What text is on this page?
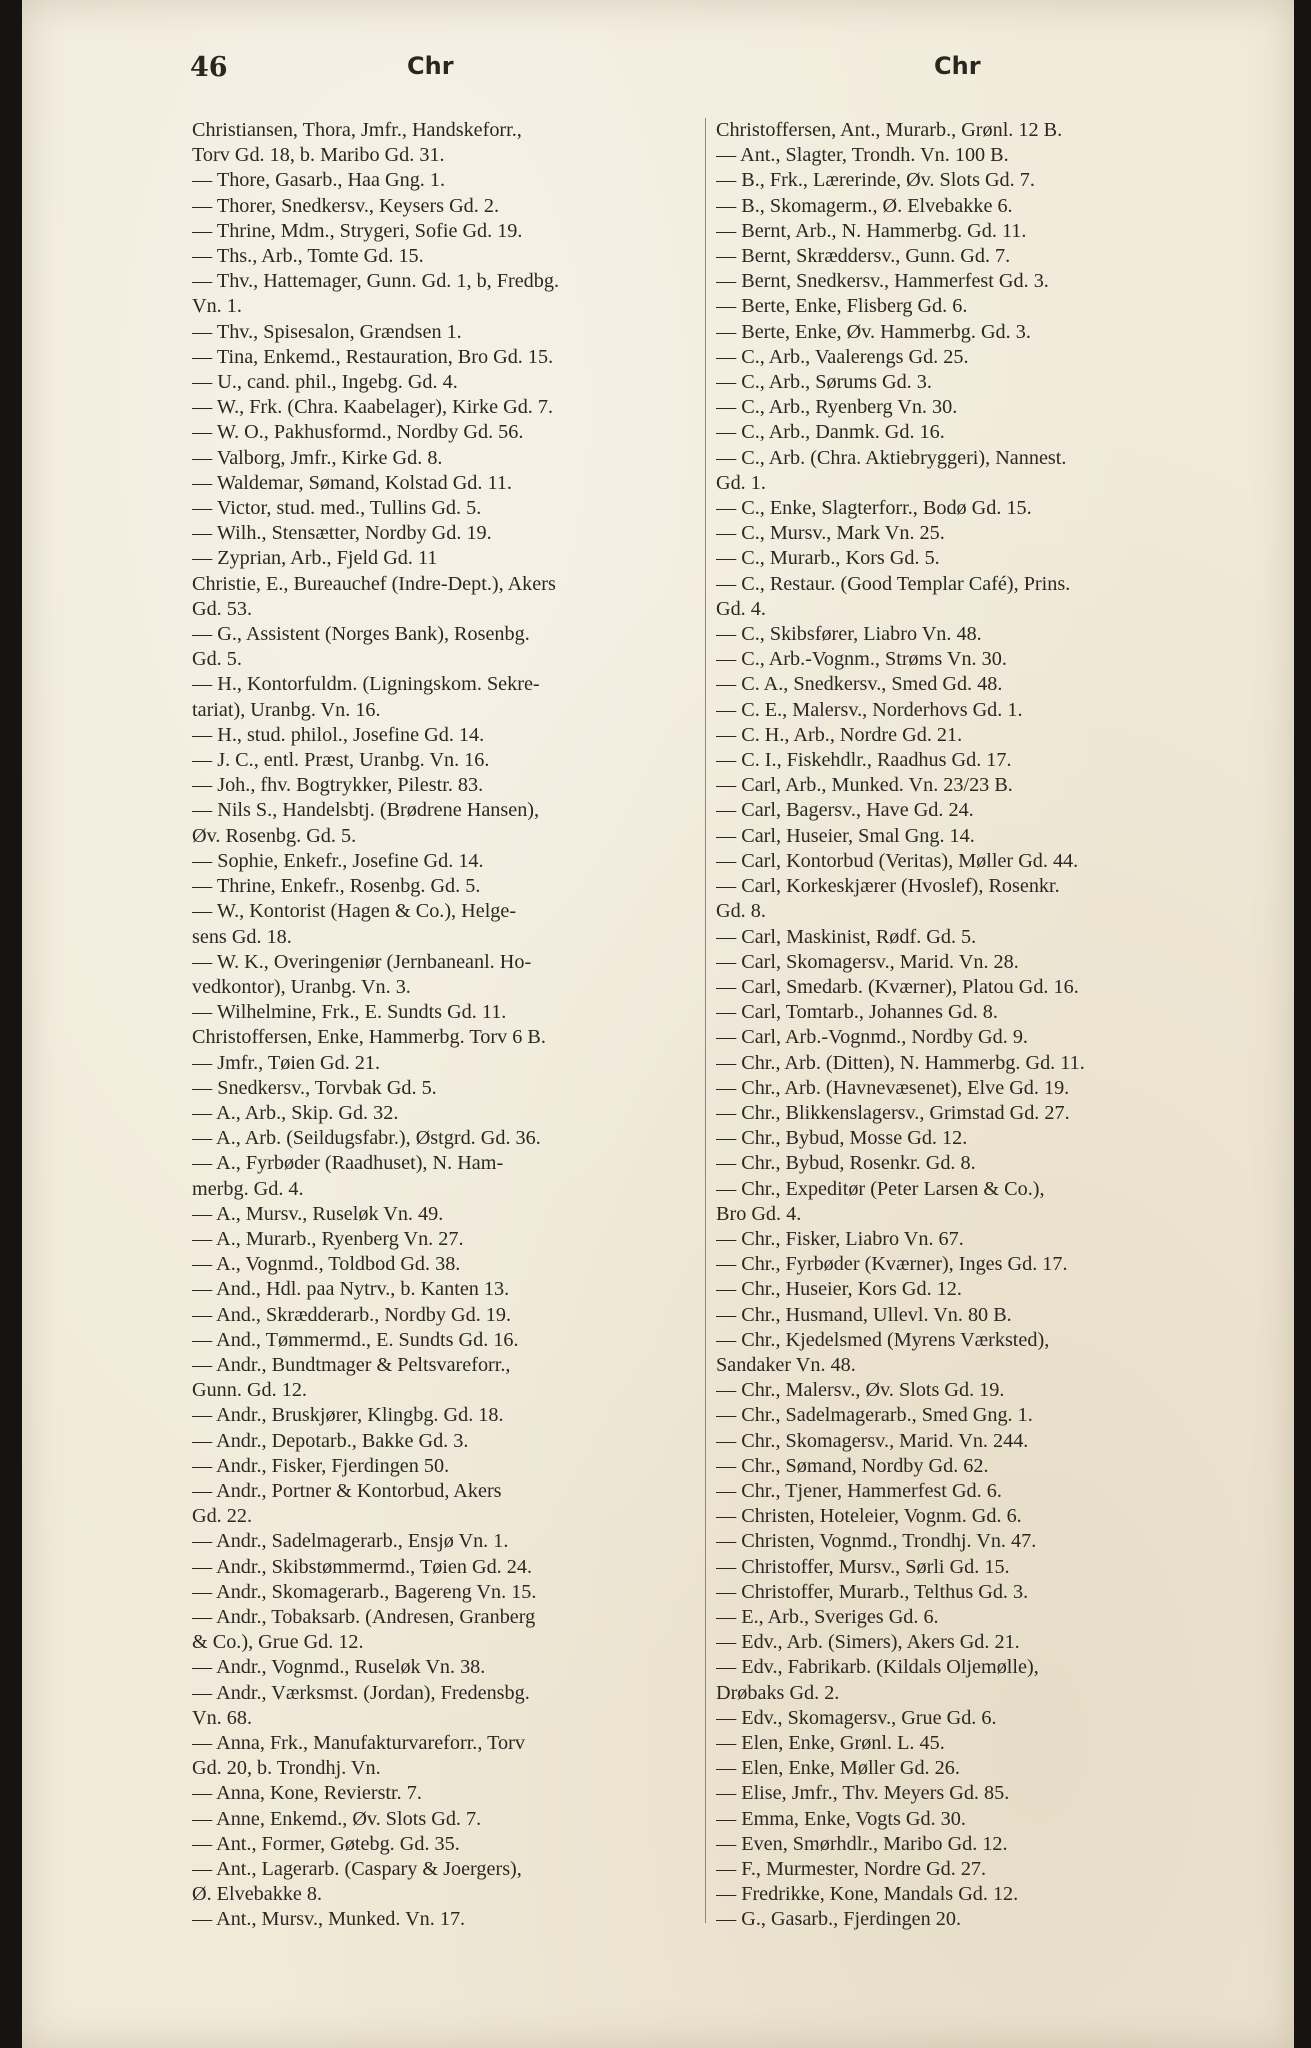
46	Chr	Chr
Christiansen, Thora, Jmfr., Handskeforr.,
Torv Gd. 18, b. Maribo Gd. 31.
— Thore, Gasarb., Haa Gng. 1.
— Thorer, Snedkersv., Keysers Gd. 2.
— Thrine, Mdm., Strygeri, Sofie Gd. 19.
— Ths., Arb., Tomte Gd. 15.
— Thv., Hattemager, Gunn. Gd. 1, b, Fredbg.
Vn. 1.
— Thv., Spisesalon, Grændsen 1.
— Tina, Enkemd., Restauration, Bro Gd. 15.
— U., cand. phil., Ingebg. Gd. 4.
— W., Frk. (Chra. Kaabelager), Kirke Gd. 7.
— W. O., Pakhusformd., Nordby Gd. 56.
— Valborg, Jmfr., Kirke Gd. 8.
— Waldemar, Sømand, Kolstad Gd. 11.
— Victor, stud. med., Tullins Gd. 5.
— Wilh., Stensætter, Nordby Gd. 19.
— Zyprian, Arb., Fjeld Gd. 11
Christie, E., Bureauchef (Indre-Dept.), Akers
Gd. 53.
— G., Assistent (Norges Bank), Rosenbg.
Gd. 5.
— H., Kontorfuldm. (Ligningskom. Sekre-
tariat), Uranbg. Vn. 16.
— H., stud. philol., Josefine Gd. 14.
— J. C., entl. Præst, Uranbg. Vn. 16.
— Joh., fhv. Bogtrykker, Pilestr. 83.
— Nils S., Handelsbtj. (Brødrene Hansen),
Øv. Rosenbg. Gd. 5.
— Sophie, Enkefr., Josefine Gd. 14.
— Thrine, Enkefr., Rosenbg. Gd. 5.
— W., Kontorist (Hagen & Co.), Helge-
sens Gd. 18.
— W. K., Overingeniør (Jernbaneanl. Ho-
vedkontor), Uranbg. Vn. 3.
— Wilhelmine, Frk., E. Sundts Gd. 11.
Christoffersen, Enke, Hammerbg. Torv 6 B.
— Jmfr., Tøien Gd. 21.
— Snedkersv., Torvbak Gd. 5.
— A., Arb., Skip. Gd. 32.
— A., Arb. (Seildugsfabr.), Østgrd. Gd. 36.
— A., Fyrbøder (Raadhuset), N. Ham-
merbg. Gd. 4.
— A., Mursv., Ruseløk Vn. 49.
— A., Murarb., Ryenberg Vn. 27.
— A., Vognmd., Toldbod Gd. 38.
— And., Hdl. paa Nytrv., b. Kanten 13.
— And., Skrædderarb., Nordby Gd. 19.
— And., Tømmermd., E. Sundts Gd. 16.
— Andr., Bundtmager & Peltsvareforr.,
Gunn. Gd. 12.
— Andr., Bruskjører, Klingbg. Gd. 18.
— Andr., Depotarb., Bakke Gd. 3.
— Andr., Fisker, Fjerdingen 50.
— Andr., Portner & Kontorbud, Akers
Gd. 22.
— Andr., Sadelmagerarb., Ensjø Vn. 1.
— Andr., Skibstømmermd., Tøien Gd. 24.
— Andr., Skomagerarb., Bagereng Vn. 15.
— Andr., Tobaksarb. (Andresen, Granberg
& Co.), Grue Gd. 12.
— Andr., Vognmd., Ruseløk Vn. 38.
— Andr., Værksmst. (Jordan), Fredensbg.
Vn. 68.
— Anna, Frk., Manufakturvareforr., Torv
Gd. 20, b. Trondhj. Vn.
— Anna, Kone, Revierstr. 7.
— Anne, Enkemd., Øv. Slots Gd. 7.
— Ant., Former, Gøtebg. Gd. 35.
— Ant., Lagerarb. (Caspary & Joergers),
Ø. Elvebakke 8.
— Ant., Mursv., Munked. Vn. 17.
Christoffersen, Ant., Murarb., Grønl. 12 B.
— Ant., Slagter, Trondh. Vn. 100 B.
— B., Frk., Lærerinde, Øv. Slots Gd. 7.
— B., Skomagerm., Ø. Elvebakke 6.
— Bernt, Arb., N. Hammerbg. Gd. 11.
— Bernt, Skræddersv., Gunn. Gd. 7.
— Bernt, Snedkersv., Hammerfest Gd. 3.
— Berte, Enke, Flisberg Gd. 6.
— Berte, Enke, Øv. Hammerbg. Gd. 3.
— C., Arb., Vaalerengs Gd. 25.
— C., Arb., Sørums Gd. 3.
— C., Arb., Ryenberg Vn. 30.
— C., Arb., Danmk. Gd. 16.
— C., Arb. (Chra. Aktiebryggeri), Nannest.
Gd. 1.
— C., Enke, Slagterforr., Bodø Gd. 15.
— C., Mursv., Mark Vn. 25.
— C., Murarb., Kors Gd. 5.
— C., Restaur. (Good Templar Café), Prins.
Gd. 4.
— C., Skibsfører, Liabro Vn. 48.
— C., Arb.-Vognm., Strøms Vn. 30.
— C. A., Snedkersv., Smed Gd. 48.
— C. E., Malersv., Norderhovs Gd. 1.
— C. H., Arb., Nordre Gd. 21.
— C. I., Fiskehdlr., Raadhus Gd. 17.
— Carl, Arb., Munked. Vn. 23/23 B.
— Carl, Bagersv., Have Gd. 24.
— Carl, Huseier, Smal Gng. 14.
— Carl, Kontorbud (Veritas), Møller Gd. 44.
— Carl, Korkeskjærer (Hvoslef), Rosenkr.
Gd. 8.
— Carl, Maskinist, Rødf. Gd. 5.
— Carl, Skomagersv., Marid. Vn. 28.
— Carl, Smedarb. (Kværner), Platou Gd. 16.
— Carl, Tomtarb., Johannes Gd. 8.
— Carl, Arb.-Vognmd., Nordby Gd. 9.
— Chr., Arb. (Ditten), N. Hammerbg. Gd. 11.
— Chr., Arb. (Havnevæsenet), Elve Gd. 19.
— Chr., Blikkenslagersv., Grimstad Gd. 27.
— Chr., Bybud, Mosse Gd. 12.
— Chr., Bybud, Rosenkr. Gd. 8.
— Chr., Expeditør (Peter Larsen & Co.),
Bro Gd. 4.
— Chr., Fisker, Liabro Vn. 67.
— Chr., Fyrbøder (Kværner), Inges Gd. 17.
— Chr., Huseier, Kors Gd. 12.
— Chr., Husmand, Ullevl. Vn. 80 B.
— Chr., Kjedelsmed (Myrens Værksted),
Sandaker Vn. 48.
— Chr., Malersv., Øv. Slots Gd. 19.
— Chr., Sadelmagerarb., Smed Gng. 1.
— Chr., Skomagersv., Marid. Vn. 244.
— Chr., Sømand, Nordby Gd. 62.
— Chr., Tjener, Hammerfest Gd. 6.
— Christen, Hoteleier, Vognm. Gd. 6.
— Christen, Vognmd., Trondhj. Vn. 47.
— Christoffer, Mursv., Sørli Gd. 15.
— Christoffer, Murarb., Telthus Gd. 3.
— E., Arb., Sveriges Gd. 6.
— Edv., Arb. (Simers), Akers Gd. 21.
— Edv., Fabrikarb. (Kildals Oljemølle),
Drøbaks Gd. 2.
— Edv., Skomagersv., Grue Gd. 6.
— Elen, Enke, Grønl. L. 45.
— Elen, Enke, Møller Gd. 26.
— Elise, Jmfr., Thv. Meyers Gd. 85.
— Emma, Enke, Vogts Gd. 30.
— Even, Smørhdlr., Maribo Gd. 12.
— F., Murmester, Nordre Gd. 27.
— Fredrikke, Kone, Mandals Gd. 12.
— G., Gasarb., Fjerdingen 20.
